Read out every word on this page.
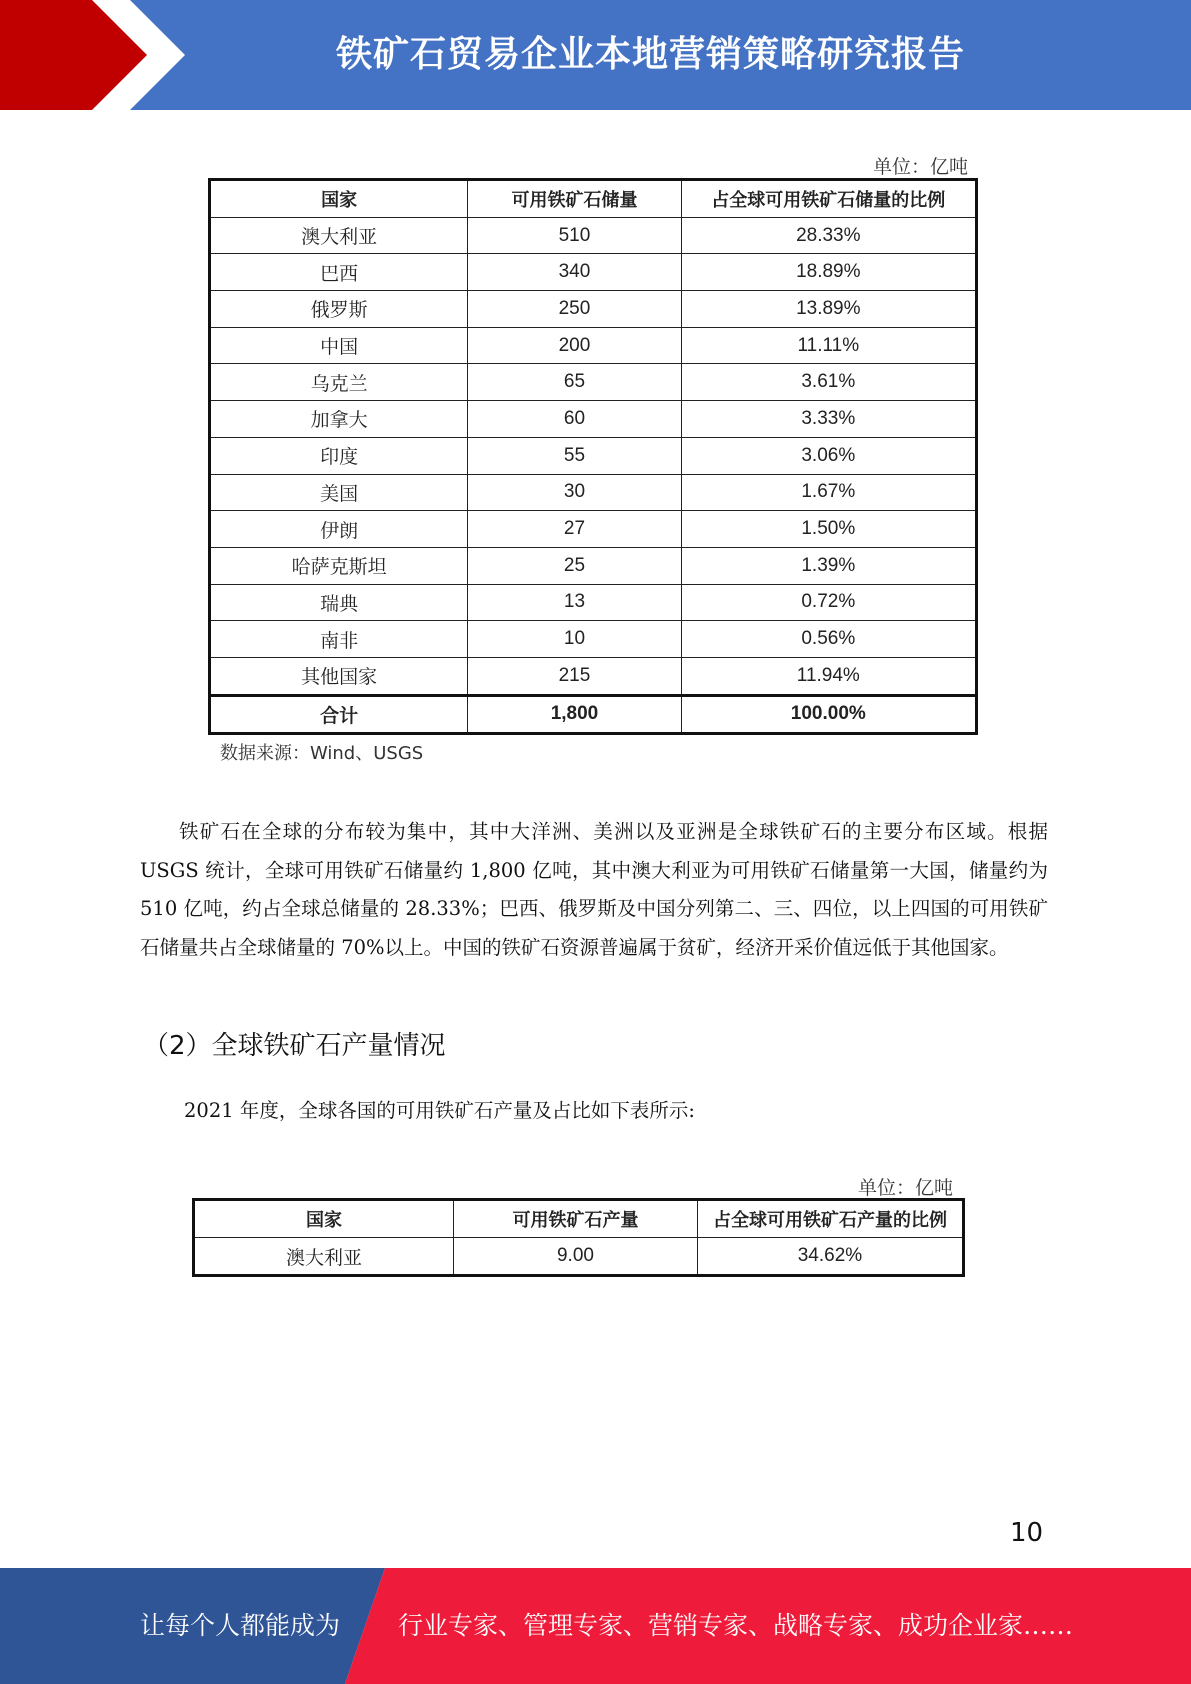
铁矿石贸易企业本地营销策略研究报告
单位：亿吨
国家	可用铁矿石储量	占全球可用铁矿石储量的比例
澳大利亚	510	28.33%
巴西	340	18.89%
俄罗斯	250	13.89%
中国	200	11.11%
乌克兰	65	3.61%
加拿大	60	3.33%
印度	55	3.06%
美国	30	1.67%
伊朗	27	1.50%
哈萨克斯坦	25	1.39%
瑞典	13	0.72%
南非	10	0.56%
其他国家	215	11.94%
合计	1,800	100.00%
数据来源：Wind、USGS

铁矿石在全球的分布较为集中，其中大洋洲、美洲以及亚洲是全球铁矿石的主要分布区域。根据 USGS 统计，全球可用铁矿石储量约 1,800 亿吨，其中澳大利亚为可用铁矿石储量第一大国，储量约为 510 亿吨，约占全球总储量的 28.33%；巴西、俄罗斯及中国分列第二、三、四位，以上四国的可用铁矿石储量共占全球储量的 70%以上。中国的铁矿石资源普遍属于贫矿，经济开采价值远低于其他国家。

（2）全球铁矿石产量情况
2021 年度，全球各国的可用铁矿石产量及占比如下表所示:
单位：亿吨
国家	可用铁矿石产量	占全球可用铁矿石产量的比例
澳大利亚	9.00	34.62%
10
让每个人都能成为 行业专家、管理专家、营销专家、战略专家、成功企业家……
